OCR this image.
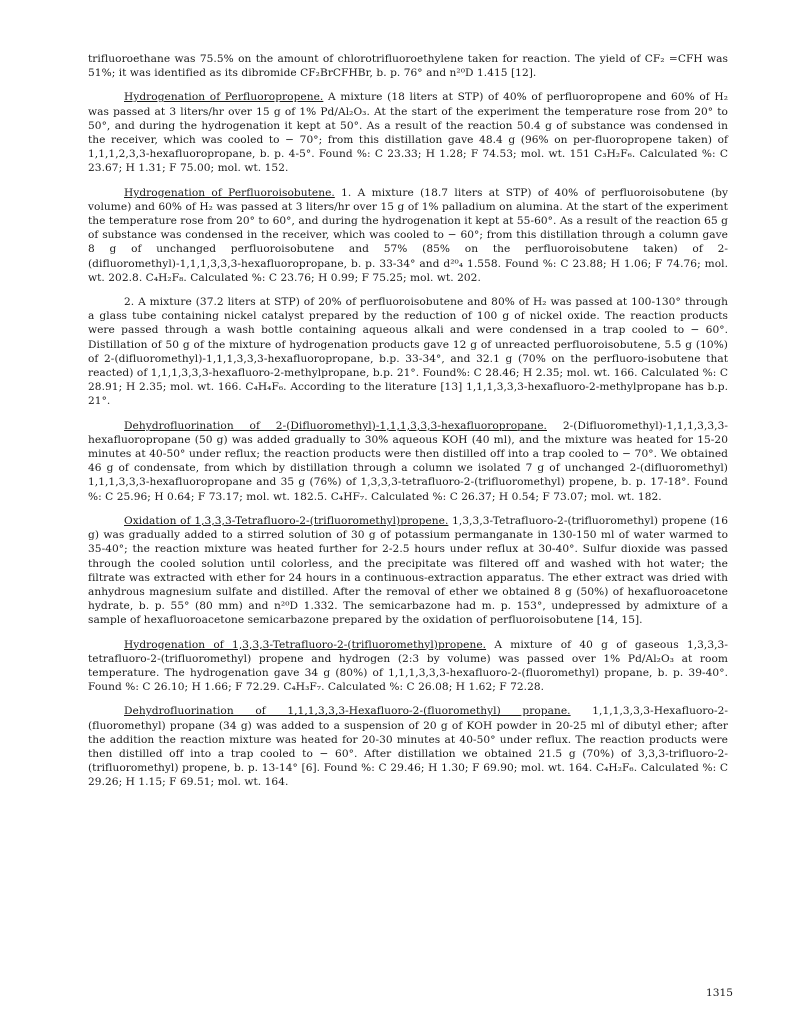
trifluoroethane was 75.5% on the amount of chlorotrifluoroethylene taken for reaction. The yield of CF₂ =CFH was 51%; it was identified as its dibromide CF₂BrCFHBr, b. p. 76° and n²⁰D 1.415 [12].

Hydrogenation of Perfluoropropene. A mixture (18 liters at STP) of 40% of perfluoropropene and 60% of H₂ was passed at 3 liters/hr over 15 g of 1% Pd/Al₂O₃. At the start of the experiment the temperature rose from 20° to 50°, and during the hydrogenation it kept at 50°. As a result of the reaction 50.4 g of substance was condensed in the receiver, which was cooled to − 70°; from this distillation gave 48.4 g (96% on per-fluoropropene taken) of 1,1,1,2,3,3-hexafluoropropane, b. p. 4-5°. Found %: C 23.33; H 1.28; F 74.53; mol. wt. 151 C₃H₂F₆. Calculated %: C 23.67; H 1.31; F 75.00; mol. wt. 152.

Hydrogenation of Perfluoroisobutene. 1. A mixture (18.7 liters at STP) of 40% of perfluoroisobutene (by volume) and 60% of H₂ was passed at 3 liters/hr over 15 g of 1% palladium on alumina. At the start of the experiment the temperature rose from 20° to 60°, and during the hydrogenation it kept at 55-60°. As a result of the reaction 65 g of substance was condensed in the receiver, which was cooled to − 60°; from this distillation through a column gave 8 g of unchanged perfluoroisobutene and 57% (85% on the perfluoroisobutene taken) of 2-(difluoromethyl)-1,1,1,3,3,3-hexafluoropropane, b. p. 33-34° and d²⁰₄ 1.558. Found %: C 23.88; H 1.06; F 74.76; mol. wt. 202.8. C₄H₂F₈. Calculated %: C 23.76; H 0.99; F 75.25; mol. wt. 202.

2. A mixture (37.2 liters at STP) of 20% of perfluoroisobutene and 80% of H₂ was passed at 100-130° through a glass tube containing nickel catalyst prepared by the reduction of 100 g of nickel oxide. The reaction products were passed through a wash bottle containing aqueous alkali and were condensed in a trap cooled to − 60°. Distillation of 50 g of the mixture of hydrogenation products gave 12 g of unreacted perfluoroisobutene, 5.5 g (10%) of 2-(difluoromethyl)-1,1,1,3,3,3-hexafluoropropane, b.p. 33-34°, and 32.1 g (70% on the perfluoro-isobutene that reacted) of 1,1,1,3,3,3-hexafluoro-2-methylpropane, b.p. 21°. Found%: C 28.46; H 2.35; mol. wt. 166. Calculated %: C 28.91; H 2.35; mol. wt. 166. C₄H₄F₆. According to the literature [13] 1,1,1,3,3,3-hexafluoro-2-methylpropane has b.p. 21°.

Dehydrofluorination of 2-(Difluoromethyl)-1,1,1,3,3,3-hexafluoropropane. 2-(Difluoromethyl)-1,1,1,3,3,3-hexafluoropropane (50 g) was added gradually to 30% aqueous KOH (40 ml), and the mixture was heated for 15-20 minutes at 40-50° under reflux; the reaction products were then distilled off into a trap cooled to − 70°. We obtained 46 g of condensate, from which by distillation through a column we isolated 7 g of unchanged 2-(difluoromethyl) 1,1,1,3,3,3-hexafluoropropane and 35 g (76%) of 1,3,3,3-tetrafluoro-2-(trifluoromethyl) propene, b. p. 17-18°. Found %: C 25.96; H 0.64; F 73.17; mol. wt. 182.5. C₄HF₇. Calculated %: C 26.37; H 0.54; F 73.07; mol. wt. 182.

Oxidation of 1,3,3,3-Tetrafluoro-2-(trifluoromethyl)propene. 1,3,3,3-Tetrafluoro-2-(trifluoromethyl) propene (16 g) was gradually added to a stirred solution of 30 g of potassium permanganate in 130-150 ml of water warmed to 35-40°; the reaction mixture was heated further for 2-2.5 hours under reflux at 30-40°. Sulfur dioxide was passed through the cooled solution until colorless, and the precipitate was filtered off and washed with hot water; the filtrate was extracted with ether for 24 hours in a continuous-extraction apparatus. The ether extract was dried with anhydrous magnesium sulfate and distilled. After the removal of ether we obtained 8 g (50%) of hexafluoroacetone hydrate, b. p. 55° (80 mm) and n²⁰D 1.332. The semicarbazone had m. p. 153°, undepressed by admixture of a sample of hexafluoroacetone semicarbazone prepared by the oxidation of perfluoroisobutene [14, 15].

Hydrogenation of 1,3,3,3-Tetrafluoro-2-(trifluoromethyl)propene. A mixture of 40 g of gaseous 1,3,3,3-tetrafluoro-2-(trifluoromethyl) propene and hydrogen (2:3 by volume) was passed over 1% Pd/Al₂O₃ at room temperature. The hydrogenation gave 34 g (80%) of 1,1,1,3,3,3-hexafluoro-2-(fluoromethyl) propane, b. p. 39-40°. Found %: C 26.10; H 1.66; F 72.29. C₄H₃F₇. Calculated %: C 26.08; H 1.62; F 72.28.

Dehydrofluorination of 1,1,1,3,3,3-Hexafluoro-2-(fluoromethyl) propane. 1,1,1,3,3,3-Hexafluoro-2-(fluoromethyl) propane (34 g) was added to a suspension of 20 g of KOH powder in 20-25 ml of dibutyl ether; after the addition the reaction mixture was heated for 20-30 minutes at 40-50° under reflux. The reaction products were then distilled off into a trap cooled to − 60°. After distillation we obtained 21.5 g (70%) of 3,3,3-trifluoro-2-(trifluoromethyl) propene, b. p. 13-14° [6]. Found %: C 29.46; H 1.30; F 69.90; mol. wt. 164. C₄H₂F₆. Calculated %: C 29.26; H 1.15; F 69.51; mol. wt. 164.

1315
